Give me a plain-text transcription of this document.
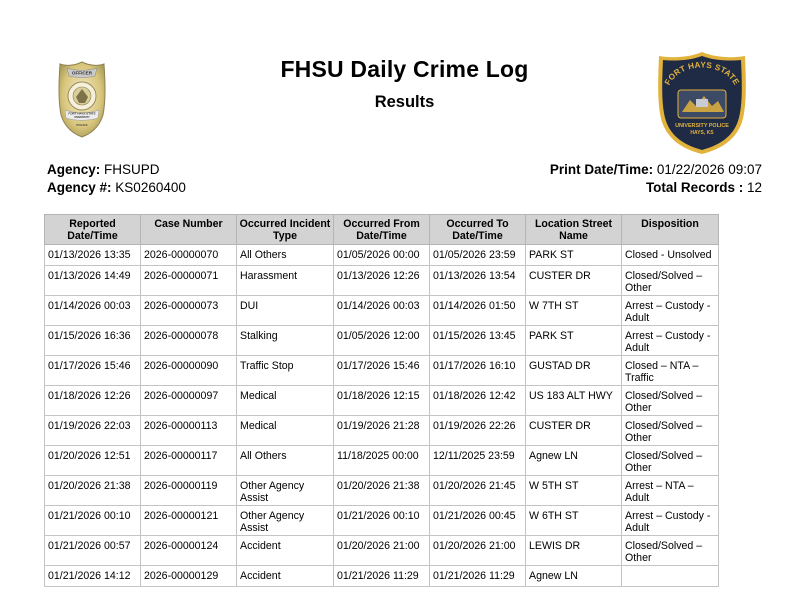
OFFICER
FORT HAYS STATE
UNIVERSITY
POLICE
FHSU Daily Crime Log
Results
FORT HAYS STATE
UNIVERSITY POLICE
HAYS, KS
Agency: FHSUPD
Agency #: KS0260400
Print Date/Time: 01/22/2026 09:07
Total Records : 12
Reported Date/Time	Case Number	Occurred Incident Type	Occurred From Date/Time	Occurred To Date/Time	Location Street Name	Disposition
01/13/2026 13:35	2026-00000070	All Others	01/05/2026 00:00	01/05/2026 23:59	PARK ST	Closed - Unsolved
01/13/2026 14:49	2026-00000071	Harassment	01/13/2026 12:26	01/13/2026 13:54	CUSTER DR	Closed/Solved – Other
01/14/2026 00:03	2026-00000073	DUI	01/14/2026 00:03	01/14/2026 01:50	W 7TH ST	Arrest – Custody - Adult
01/15/2026 16:36	2026-00000078	Stalking	01/05/2026 12:00	01/15/2026 13:45	PARK ST	Arrest – Custody - Adult
01/17/2026 15:46	2026-00000090	Traffic Stop	01/17/2026 15:46	01/17/2026 16:10	GUSTAD DR	Closed – NTA – Traffic
01/18/2026 12:26	2026-00000097	Medical	01/18/2026 12:15	01/18/2026 12:42	US 183 ALT HWY	Closed/Solved – Other
01/19/2026 22:03	2026-00000113	Medical	01/19/2026 21:28	01/19/2026 22:26	CUSTER DR	Closed/Solved – Other
01/20/2026 12:51	2026-00000117	All Others	11/18/2025 00:00	12/11/2025 23:59	Agnew LN	Closed/Solved – Other
01/20/2026 21:38	2026-00000119	Other Agency Assist	01/20/2026 21:38	01/20/2026 21:45	W 5TH ST	Arrest – NTA – Adult
01/21/2026 00:10	2026-00000121	Other Agency Assist	01/21/2026 00:10	01/21/2026 00:45	W 6TH ST	Arrest – Custody - Adult
01/21/2026 00:57	2026-00000124	Accident	01/20/2026 21:00	01/20/2026 21:00	LEWIS DR	Closed/Solved – Other
01/21/2026 14:12	2026-00000129	Accident	01/21/2026 11:29	01/21/2026 11:29	Agnew LN	
